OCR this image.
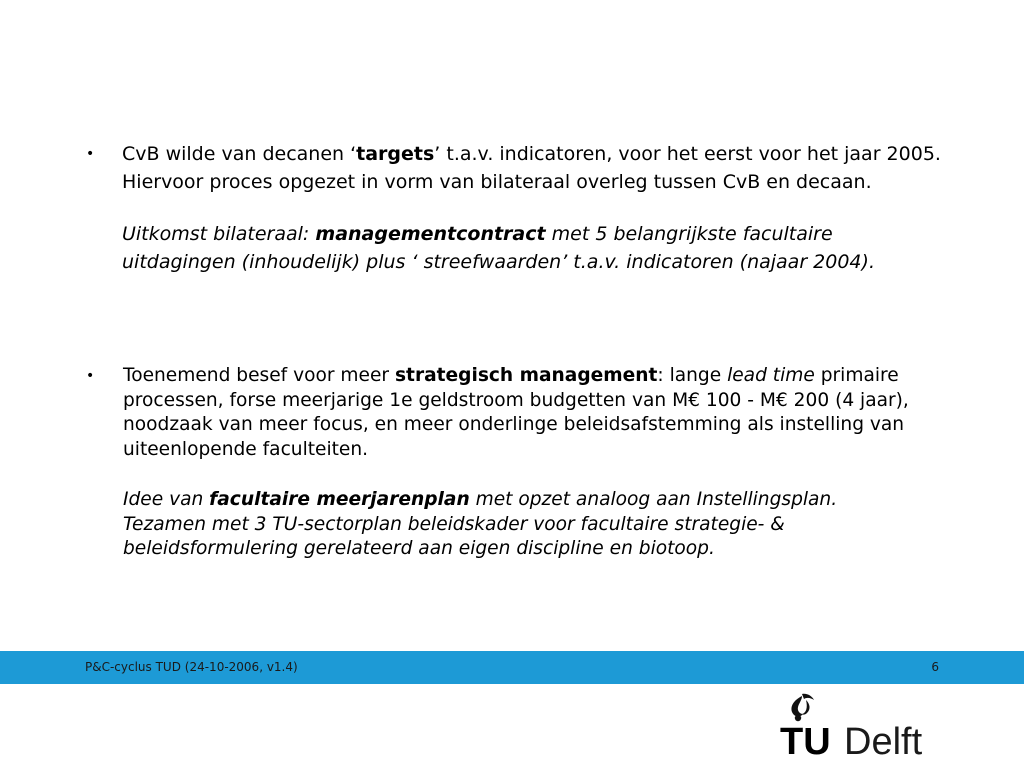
• CvB wilde van decanen ‘targets’ t.a.v. indicatoren, voor het eerst voor het jaar 2005.
Hiervoor proces opgezet in vorm van bilateraal overleg tussen CvB en decaan.
Uitkomst bilateraal: managementcontract met 5 belangrijkste facultaire
uitdagingen (inhoudelijk) plus ‘ streefwaarden’ t.a.v. indicatoren (najaar 2004).
• Toenemend besef voor meer strategisch management: lange lead time primaire
processen, forse meerjarige 1e geldstroom budgetten van M€ 100 - M€ 200 (4 jaar),
noodzaak van meer focus, en meer onderlinge beleidsafstemming als instelling van
uiteenlopende faculteiten.
Idee van facultaire meerjarenplan met opzet analoog aan Instellingsplan.
Tezamen met 3 TU-sectorplan beleidskader voor facultaire strategie- &
beleidsformulering gerelateerd aan eigen discipline en biotoop.
P&C-cyclus TUD (24-10-2006, v1.4)	6
TU Delft
